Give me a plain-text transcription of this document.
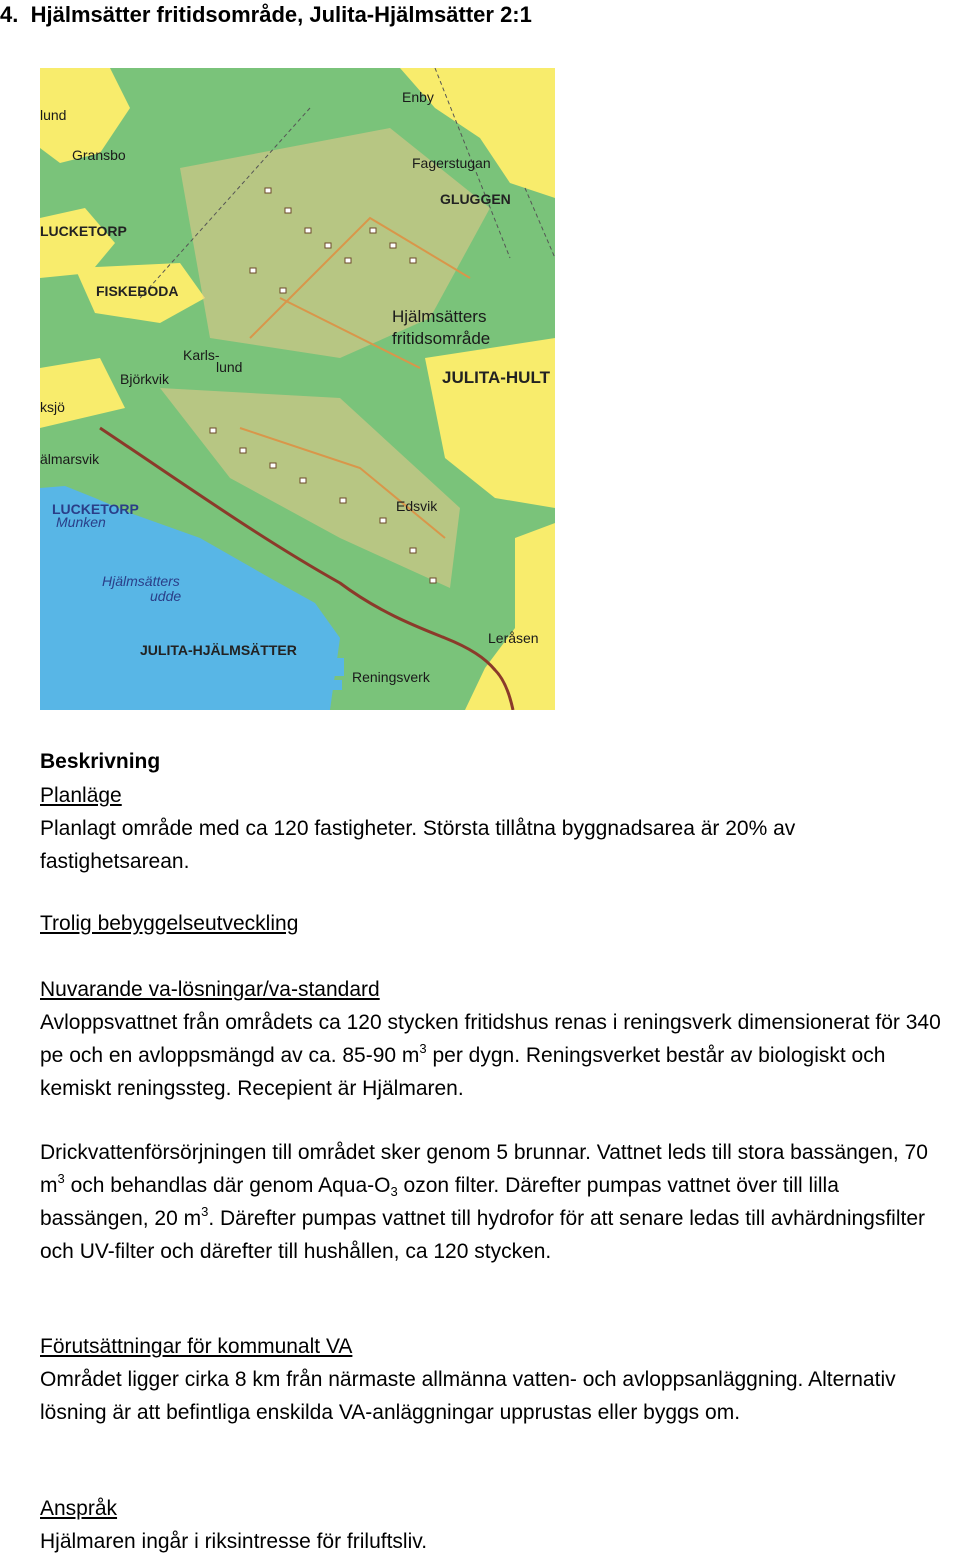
4. Hjälmsätter fritidsområde, Julita-Hjälmsätter 2:1
Enby
lund
Gransbo	Fagerstugan
GLUGGEN
LUCKETORP
FISKEBODA
Hjälmsätters
fritidsområde
Karls-
lund
Björkvik	JULITA-HULT
ksjö
älmarsvik
LUCKETORP
Munken
Edsvik
Hjälmsätters
udde
JULITA-HJÄLMSÄTTER
Leråsen
Reningsverk

Beskrivning

Planläge

Planlagt område med ca 120 fastigheter. Största tillåtna byggnadsarea är 20% av fastighetsarean.

Trolig bebyggelseutveckling

Nuvarande va-lösningar/va-standard

Avloppsvattnet från områdets ca 120 stycken fritidshus renas i reningsverk dimensionerat för 340 pe och en avloppsmängd av ca. 85-90 $m^3$ per dygn. Reningsverket består av biologiskt och kemiskt reningssteg. Recepient är Hjälmaren.

Drickvattenförsörjningen till området sker genom 5 brunnar. Vattnet leds till stora bassängen, 70 $m^3$ och behandlas där genom Aqua-$O_3$ ozon filter. Därefter pumpas vattnet över till lilla bassängen, 20 $m^3$. Därefter pumpas vattnet till hydrofor för att senare ledas till avhärdningsfilter och UV-filter och därefter till hushållen, ca 120 stycken.

Förutsättningar för kommunalt VA

Området ligger cirka 8 km från närmaste allmänna vatten- och avloppsanläggning. Alternativ lösning är att befintliga enskilda VA-anläggningar upprustas eller byggs om.

Anspråk

Hjälmaren ingår i riksintresse för friluftsliv.
